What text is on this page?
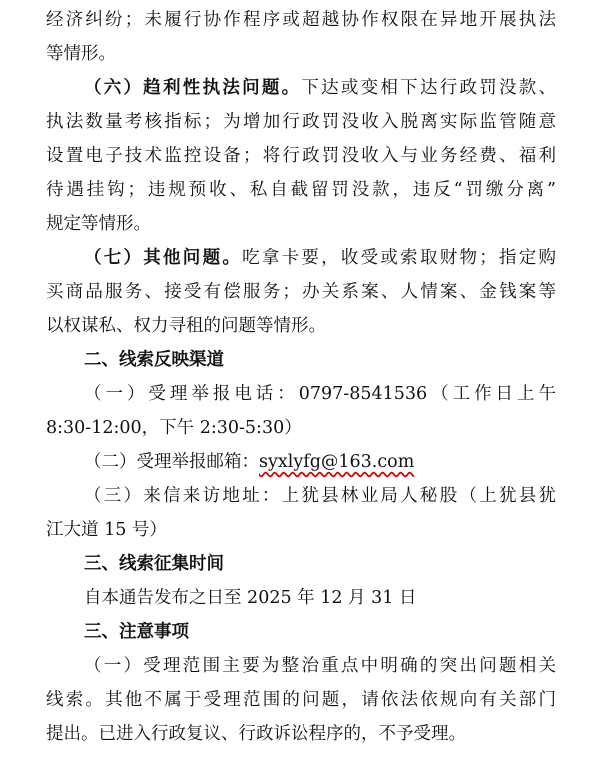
经济纠纷；未履行协作程序或超越协作权限在异地开展执法
等情形。
（六）趋利性执法问题。下达或变相下达行政罚没款、
执法数量考核指标；为增加行政罚没收入脱离实际监管随意
设置电子技术监控设备；将行政罚没收入与业务经费、福利
待遇挂钩；违规预收、私自截留罚没款，违反“罚缴分离”
规定等情形。
（七）其他问题。吃拿卡要，收受或索取财物；指定购
买商品服务、接受有偿服务；办关系案、人情案、金钱案等
以权谋私、权力寻租的问题等情形。
二、线索反映渠道
（一）受理举报电话：0797-8541536（工作日上午
8:30-12:00，下午 2:30-5:30）
（二）受理举报邮箱：syxlyfg@163.com
（三）来信来访地址：上犹县林业局人秘股（上犹县犹
江大道 15 号）
三、线索征集时间
自本通告发布之日至 2025 年 12 月 31 日
三、注意事项
（一）受理范围主要为整治重点中明确的突出问题相关
线索。其他不属于受理范围的问题，请依法依规向有关部门
提出。已进入行政复议、行政诉讼程序的，不予受理。
